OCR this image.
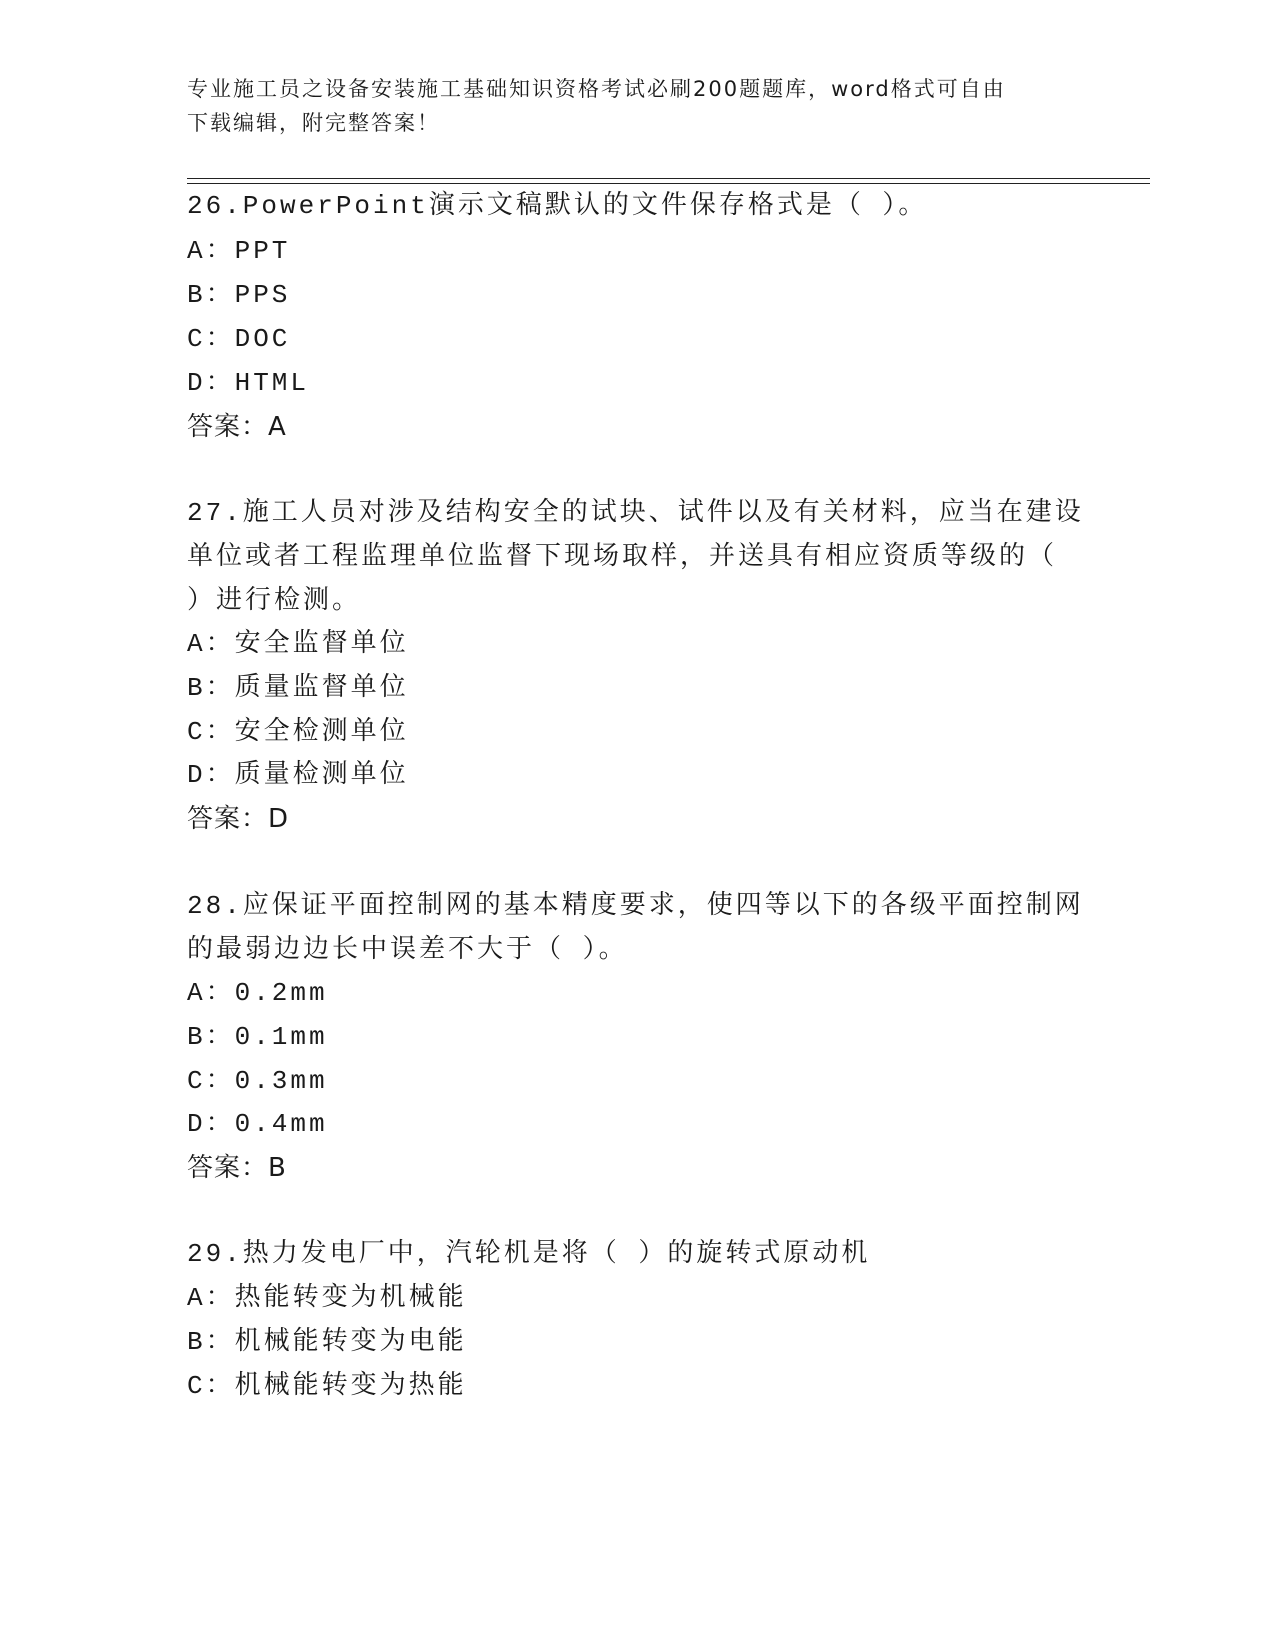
专业施工员之设备安装施工基础知识资格考试必刷200题题库，word格式可自由
下载编辑，附完整答案！
26.PowerPoint演示文稿默认的文件保存格式是（ ）。
A：PPT
B：PPS
C：DOC
D：HTML
答案：A
27.施工人员对涉及结构安全的试块、试件以及有关材料，应当在建设
单位或者工程监理单位监督下现场取样，并送具有相应资质等级的（
）进行检测。
A：安全监督单位
B：质量监督单位
C：安全检测单位
D：质量检测单位
答案：D
28.应保证平面控制网的基本精度要求，使四等以下的各级平面控制网
的最弱边边长中误差不大于（ ）。
A：0.2mm
B：0.1mm
C：0.3mm
D：0.4mm
答案：B
29.热力发电厂中，汽轮机是将（ ）的旋转式原动机
A：热能转变为机械能
B：机械能转变为电能
C：机械能转变为热能
